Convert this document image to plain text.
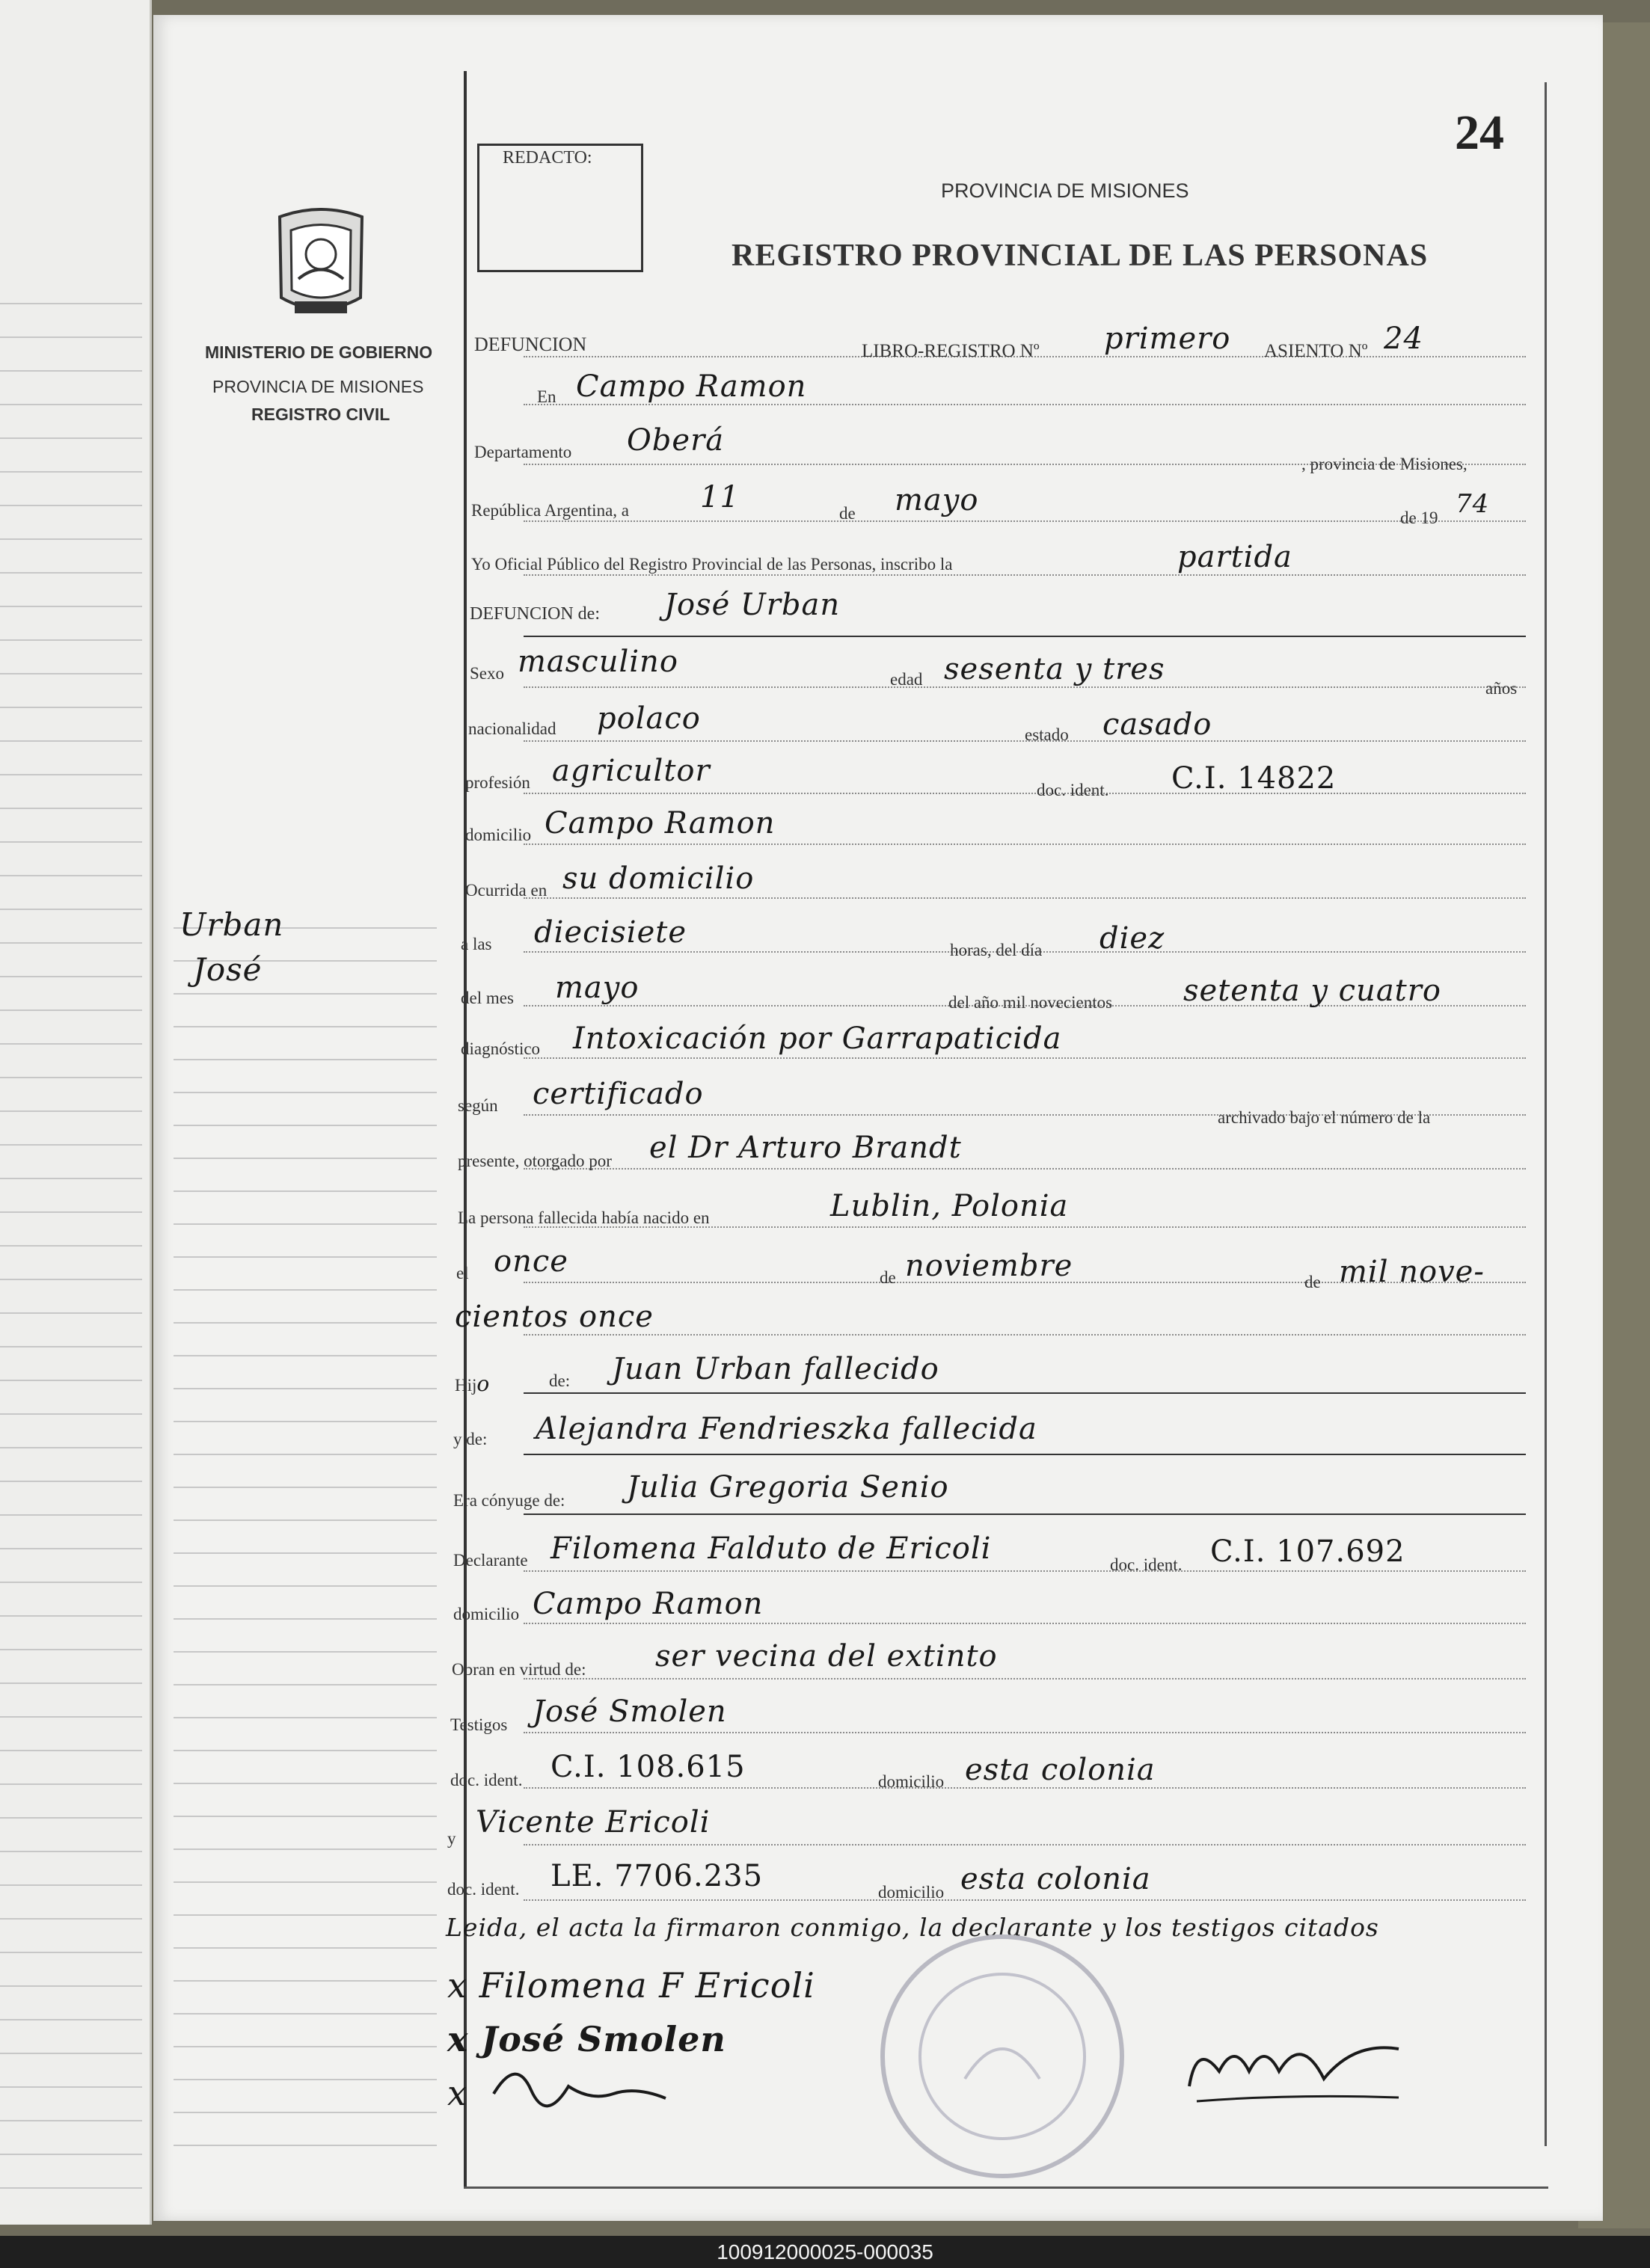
REDACTO:	24
PROVINCIA DE MISIONES
REGISTRO PROVINCIAL DE LAS PERSONAS
MINISTERIO DE GOBIERNO
PROVINCIA DE MISIONES
REGISTRO CIVIL
Urban
José
DEFUNCION	LIBRO-REGISTRO Nº primero ASIENTO Nº 24
En Campo Ramon
Departamento Oberá
, provincia de Misiones,
República Argentina, a 11	de mayo
de 19 74
Yo Oficial Público del Registro Provincial de las Personas, inscribo la	partida
DEFUNCION de: José Urban
Sexo masculino
edad sesenta y tres
años
nacionalidad polaco	estado casado
profesión agricultor
doc. ident. C.I. 14822
domicilio Campo Ramon
Ocurrida en su domicilio
a las diecisiete
horas, del día diez
del mes mayo	del año mil novecientos setenta y cuatro
diagnóstico Intoxicación por Garrapaticida
según certificado
archivado bajo el número de la
presente, otorgado por el Dr Arturo Brandt
La persona fallecida había nacido en	Lublin, Polonia
el once	de noviembre	de mil nove-
cientos once
Hijo	de: Juan Urban fallecido
y de: Alejandra Fendrieszka fallecida
Era cónyuge de: Julia Gregoria Senio
Declarante Filomena Falduto de Ericoli	doc. ident. C.I. 107.692
domicilio Campo Ramon
Obran en virtud de: ser vecina del extinto
Testigos José Smolen
doc. ident. C.I. 108.615	domicilio esta colonia
y Vicente Ericoli
doc. ident. LE. 7706.235	domicilio esta colonia
Leida, el acta la firmaron conmigo, la declarante y los testigos citados
x Filomena F Ericoli
x José Smolen
x
100912000025-000035
